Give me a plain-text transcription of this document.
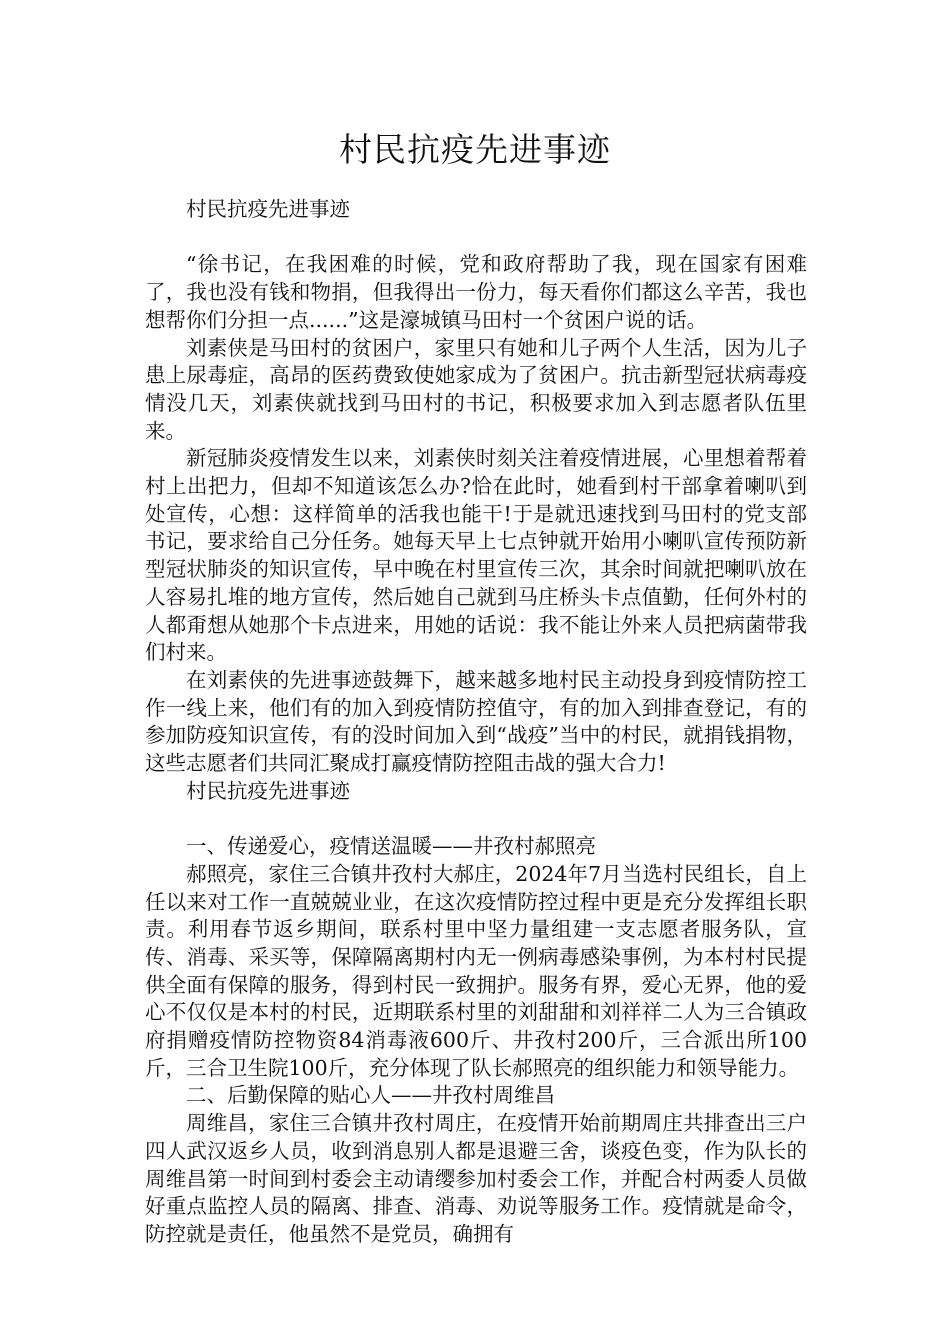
村民抗疫先进事迹

村民抗疫先进事迹

“徐书记，在我困难的时候，党和政府帮助了我，现在国家有困难了，我也没有钱和物捐，但我得出一份力，每天看你们都这么辛苦，我也想帮你们分担一点......”这是濠城镇马田村一个贫困户说的话。

刘素侠是马田村的贫困户，家里只有她和儿子两个人生活，因为儿子患上尿毒症，高昂的医药费致使她家成为了贫困户。抗击新型冠状病毒疫情没几天，刘素侠就找到马田村的书记，积极要求加入到志愿者队伍里来。

新冠肺炎疫情发生以来，刘素侠时刻关注着疫情进展，心里想着帮着村上出把力，但却不知道该怎么办?恰在此时，她看到村干部拿着喇叭到处宣传，心想：这样简单的活我也能干!于是就迅速找到马田村的党支部书记，要求给自己分任务。她每天早上七点钟就开始用小喇叭宣传预防新型冠状肺炎的知识宣传，早中晚在村里宣传三次，其余时间就把喇叭放在人容易扎堆的地方宣传，然后她自己就到马庄桥头卡点值勤，任何外村的人都甭想从她那个卡点进来，用她的话说：我不能让外来人员把病菌带我们村来。

在刘素侠的先进事迹鼓舞下，越来越多地村民主动投身到疫情防控工作一线上来，他们有的加入到疫情防控值守，有的加入到排查登记，有的参加防疫知识宣传，有的没时间加入到“战疫”当中的村民，就捐钱捐物，这些志愿者们共同汇聚成打赢疫情防控阻击战的强大合力!

村民抗疫先进事迹

一、传递爱心，疫情送温暖——井孜村郝照亮

郝照亮，家住三合镇井孜村大郝庄，2024年7月当选村民组长，自上任以来对工作一直兢兢业业，在这次疫情防控过程中更是充分发挥组长职责。利用春节返乡期间，联系村里中坚力量组建一支志愿者服务队，宣传、消毒、采买等，保障隔离期村内无一例病毒感染事例，为本村村民提供全面有保障的服务，得到村民一致拥护。服务有界，爱心无界，他的爱心不仅仅是本村的村民，近期联系村里的刘甜甜和刘祥祥二人为三合镇政府捐赠疫情防控物资84消毒液600斤、井孜村200斤，三合派出所100斤，三合卫生院100斤，充分体现了队长郝照亮的组织能力和领导能力。

二、后勤保障的贴心人——井孜村周维昌

周维昌，家住三合镇井孜村周庄，在疫情开始前期周庄共排查出三户四人武汉返乡人员，收到消息别人都是退避三舍，谈疫色变，作为队长的周维昌第一时间到村委会主动请缨参加村委会工作，并配合村两委人员做好重点监控人员的隔离、排查、消毒、劝说等服务工作。疫情就是命令，防控就是责任，他虽然不是党员，确拥有
